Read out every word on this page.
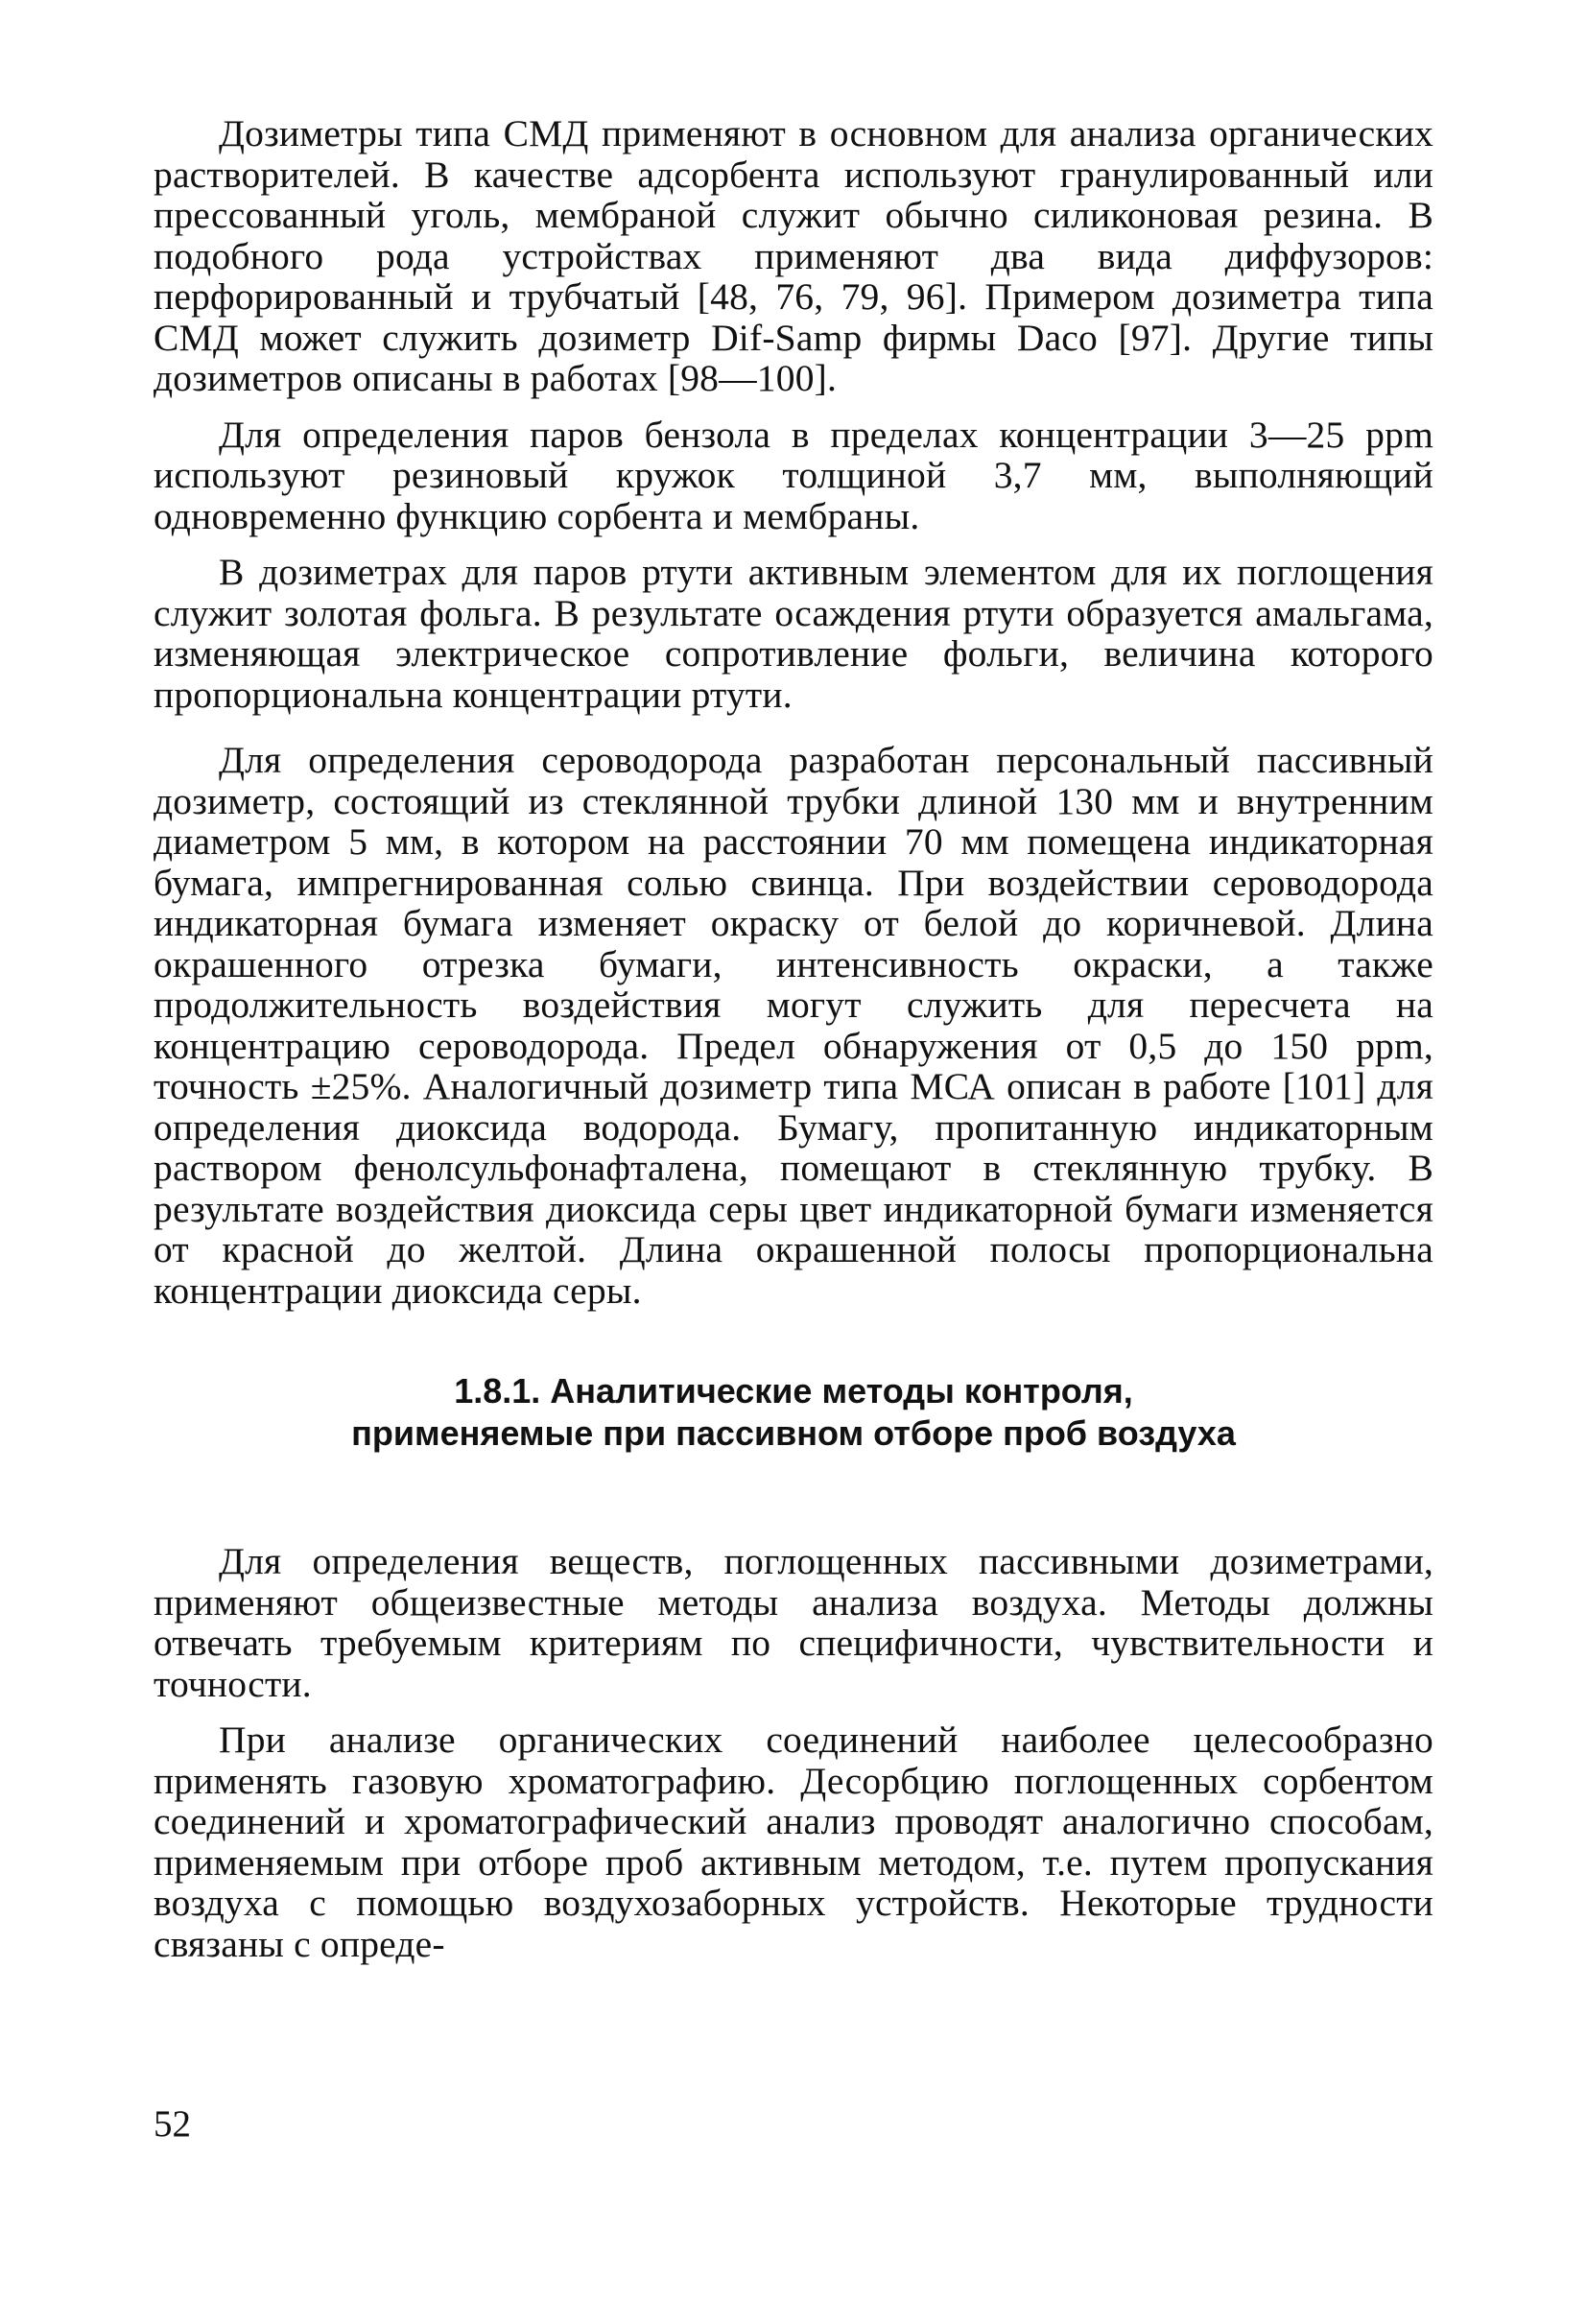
Дозиметры типа СМД применяют в основном для анализа органических растворителей. В качестве адсорбента используют гранулированный или прессованный уголь, мембраной служит обычно силиконовая резина. В подобного рода устройствах применяют два вида диффузоров: перфорированный и трубчатый [48, 76, 79, 96]. Примером дозиметра типа СМД может служить дозиметр Dif-Samp фирмы Daco [97]. Другие типы дозиметров описаны в работах [98—100].

Для определения паров бензола в пределах концентрации 3—25 ppm используют резиновый кружок толщиной 3,7 мм, выполняющий одновременно функцию сорбента и мембраны.

В дозиметрах для паров ртути активным элементом для их поглощения служит золотая фольга. В результате осаждения ртути образуется амальгама, изменяющая электрическое сопротивление фольги, величина которого пропорциональна концентрации ртути.

Для определения сероводорода разработан персональный пассивный дозиметр, состоящий из стеклянной трубки длиной 130 мм и внутренним диаметром 5 мм, в котором на расстоянии 70 мм помещена индикаторная бумага, импрегнированная солью свинца. При воздействии сероводорода индикаторная бумага изменяет окраску от белой до коричневой. Длина окрашенного отрезка бумаги, интенсивность окраски, а также продолжительность воздействия могут служить для пересчета на концентрацию сероводорода. Предел обнаружения от 0,5 до 150 ppm, точность ±25%. Аналогичный дозиметр типа МСА описан в работе [101] для определения диоксида водорода. Бумагу, пропитанную индикаторным раствором фенолсульфонафталена, помещают в стеклянную трубку. В результате воздействия диоксида серы цвет индикаторной бумаги изменяется от красной до желтой. Длина окрашенной полосы пропорциональна концентрации диоксида серы.

1.8.1. Аналитические методы контроля,
применяемые при пассивном отборе проб воздуха

Для определения веществ, поглощенных пассивными дозиметрами, применяют общеизвестные методы анализа воздуха. Методы должны отвечать требуемым критериям по специфичности, чувствительности и точности.

При анализе органических соединений наиболее целесообразно применять газовую хроматографию. Десорбцию поглощенных сорбентом соединений и хроматографический анализ проводят аналогично способам, применяемым при отборе проб активным методом, т.е. путем пропускания воздуха с помощью воздухозаборных устройств. Некоторые трудности связаны с опреде-

52
